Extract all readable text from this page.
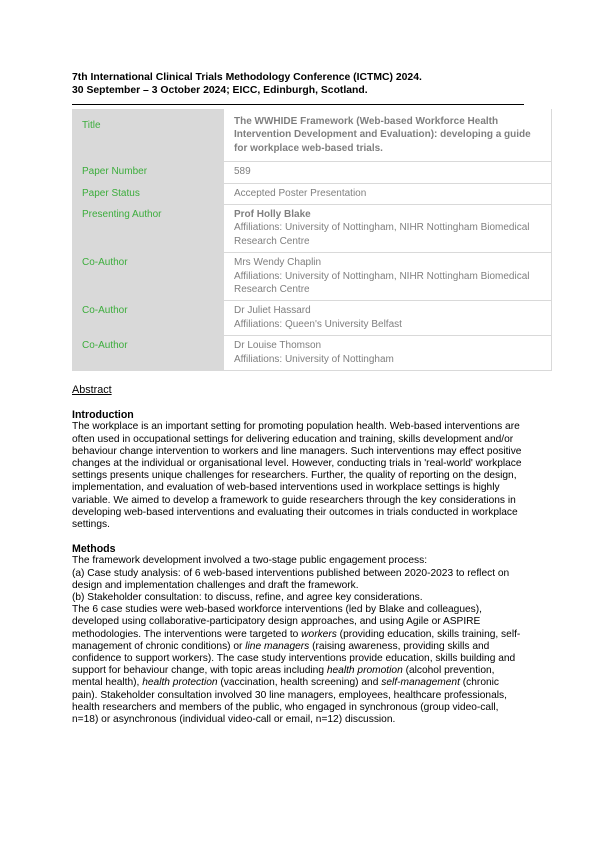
7th International Clinical Trials Methodology Conference (ICTMC) 2024.
30 September – 3 October 2024; EICC, Edinburgh, Scotland.
Title	The WWHIDE Framework (Web-based Workforce Health Intervention Development and Evaluation): developing a guide for workplace web-based trials.
Paper Number	589
Paper Status	Accepted Poster Presentation
Presenting Author	Prof Holly Blake
Affiliations: University of Nottingham, NIHR Nottingham Biomedical Research Centre
Co-Author	Mrs Wendy Chaplin
Affiliations: University of Nottingham, NIHR Nottingham Biomedical Research Centre
Co-Author	Dr Juliet Hassard
Affiliations: Queen's University Belfast
Co-Author	Dr Louise Thomson
Affiliations: University of Nottingham

Abstract

Introduction

The workplace is an important setting for promoting population health. Web-based interventions are often used in occupational settings for delivering education and training, skills development and/or behaviour change intervention to workers and line managers. Such interventions may effect positive changes at the individual or organisational level. However, conducting trials in 'real-world' workplace settings presents unique challenges for researchers. Further, the quality of reporting on the design, implementation, and evaluation of web-based interventions used in workplace settings is highly variable. We aimed to develop a framework to guide researchers through the key considerations in developing web-based interventions and evaluating their outcomes in trials conducted in workplace settings.

Methods

The framework development involved a two-stage public engagement process:
(a) Case study analysis: of 6 web-based interventions published between 2020-2023 to reflect on design and implementation challenges and draft the framework.
(b) Stakeholder consultation: to discuss, refine, and agree key considerations.
The 6 case studies were web-based workforce interventions (led by Blake and colleagues), developed using collaborative-participatory design approaches, and using Agile or ASPIRE methodologies. The interventions were targeted to workers (providing education, skills training, self-management of chronic conditions) or line managers (raising awareness, providing skills and confidence to support workers). The case study interventions provide education, skills building and support for behaviour change, with topic areas including health promotion (alcohol prevention, mental health), health protection (vaccination, health screening) and self-management (chronic pain). Stakeholder consultation involved 30 line managers, employees, healthcare professionals, health researchers and members of the public, who engaged in synchronous (group video-call, n=18) or asynchronous (individual video-call or email, n=12) discussion.
